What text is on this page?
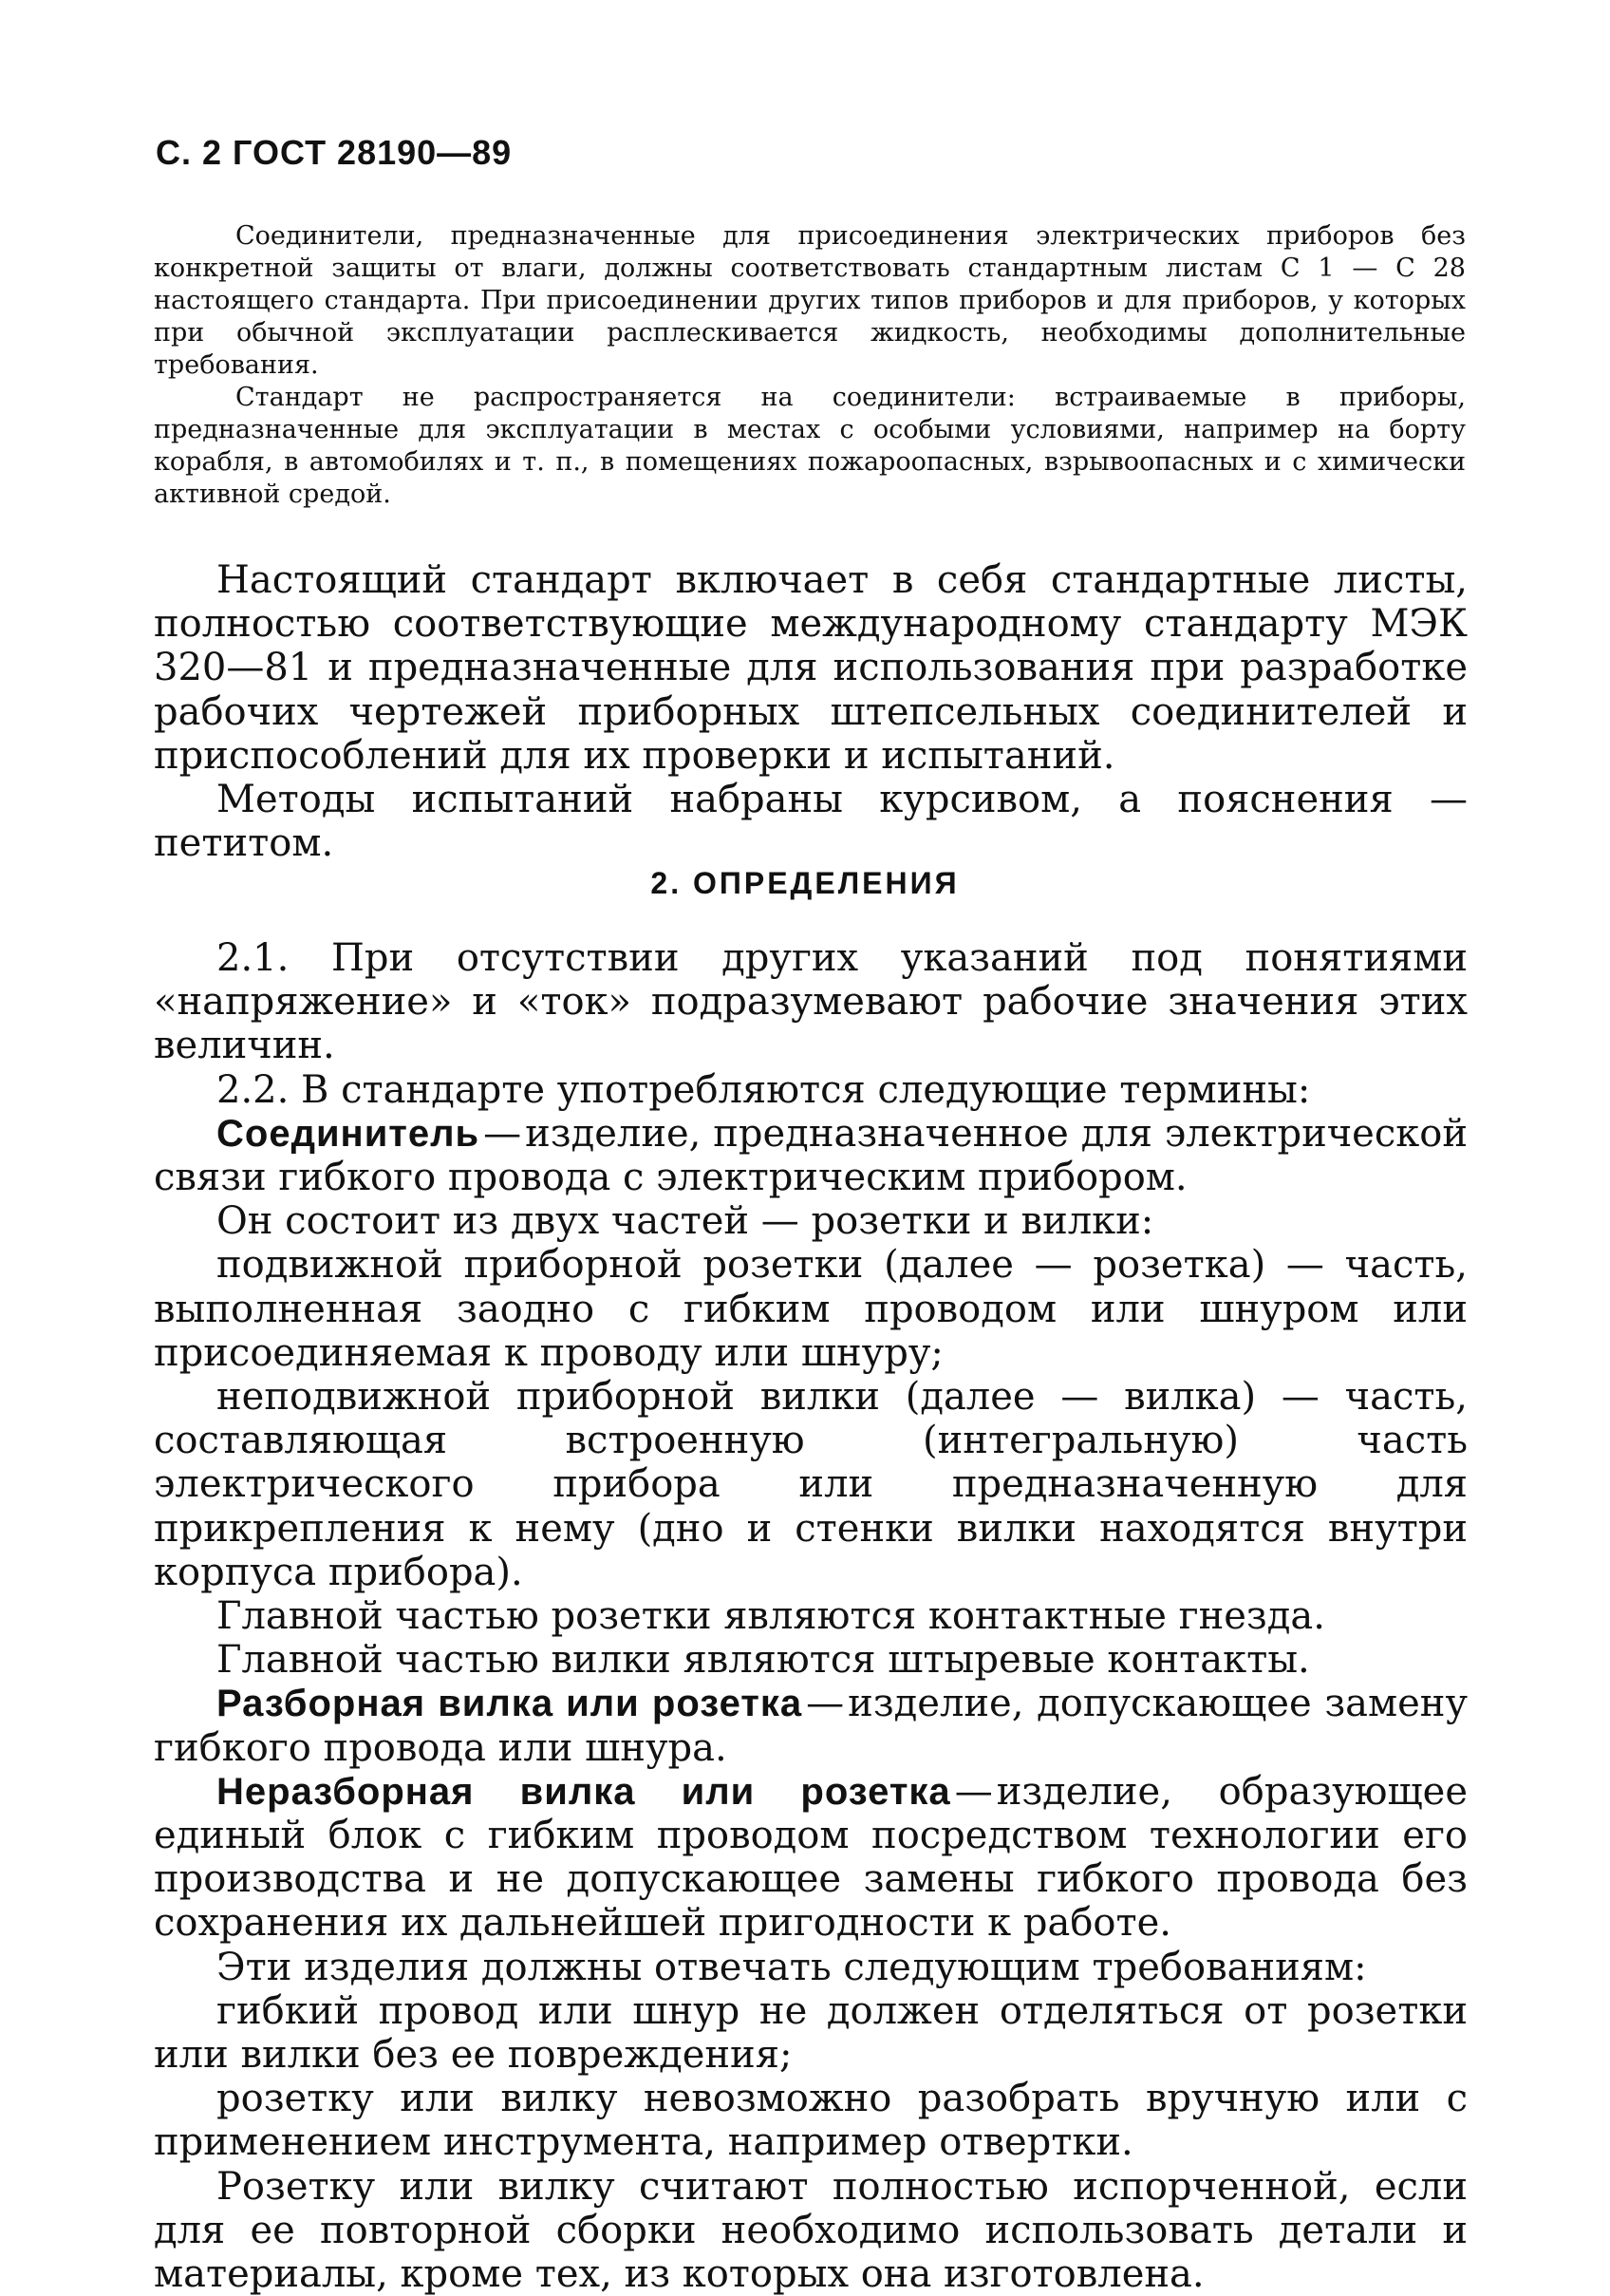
С. 2 ГОСТ 28190—89

Соединители, предназначенные для присоединения электрических приборов без конкретной защиты от влаги, должны соответствовать стандартным листам С 1 — С 28 настоящего стандарта. При присоединении других типов приборов и для приборов, у которых при обычной эксплуатации расплескивается жидкость, необходимы дополнительные требования.

Стандарт не распространяется на соединители: встраиваемые в приборы, предназначенные для эксплуатации в местах с особыми условиями, например на борту корабля, в автомобилях и т. п., в помещениях пожароопасных, взрывоопасных и с химически активной средой.

Настоящий стандарт включает в себя стандартные листы, полностью соответствующие международному стандарту МЭК 320—81 и предназначенные для использования при разработке рабочих чертежей приборных штепсельных соединителей и приспособлений для их проверки и испытаний.

Методы испытаний набраны курсивом, а пояснения — петитом.

2. ОПРЕДЕЛЕНИЯ

2.1. При отсутствии других указаний под понятиями «напряжение» и «ток» подразумевают рабочие значения этих величин.

2.2. В стандарте употребляются следующие термины:

Соединитель — изделие, предназначенное для электрической связи гибкого провода с электрическим прибором.

Он состоит из двух частей — розетки и вилки:

подвижной приборной розетки (далее — розетка) — часть, выполненная заодно с гибким проводом или шнуром или присоединяемая к проводу или шнуру;

неподвижной приборной вилки (далее — вилка) — часть, составляющая встроенную (интегральную) часть электрического прибора или предназначенную для прикрепления к нему (дно и стенки вилки находятся внутри корпуса прибора).

Главной частью розетки являются контактные гнезда.

Главной частью вилки являются штыревые контакты.

Разборная вилка или розетка — изделие, допускающее замену гибкого провода или шнура.

Неразборная вилка или розетка — изделие, образующее единый блок с гибким проводом посредством технологии его производства и не допускающее замены гибкого провода без сохранения их дальнейшей пригодности к работе.

Эти изделия должны отвечать следующим требованиям:

гибкий провод или шнур не должен отделяться от розетки или вилки без ее повреждения;

розетку или вилку невозможно разобрать вручную или с применением инструмента, например отвертки.

Розетку или вилку считают полностью испорченной, если для ее повторной сборки необходимо использовать детали и материалы, кроме тех, из которых она изготовлена.
